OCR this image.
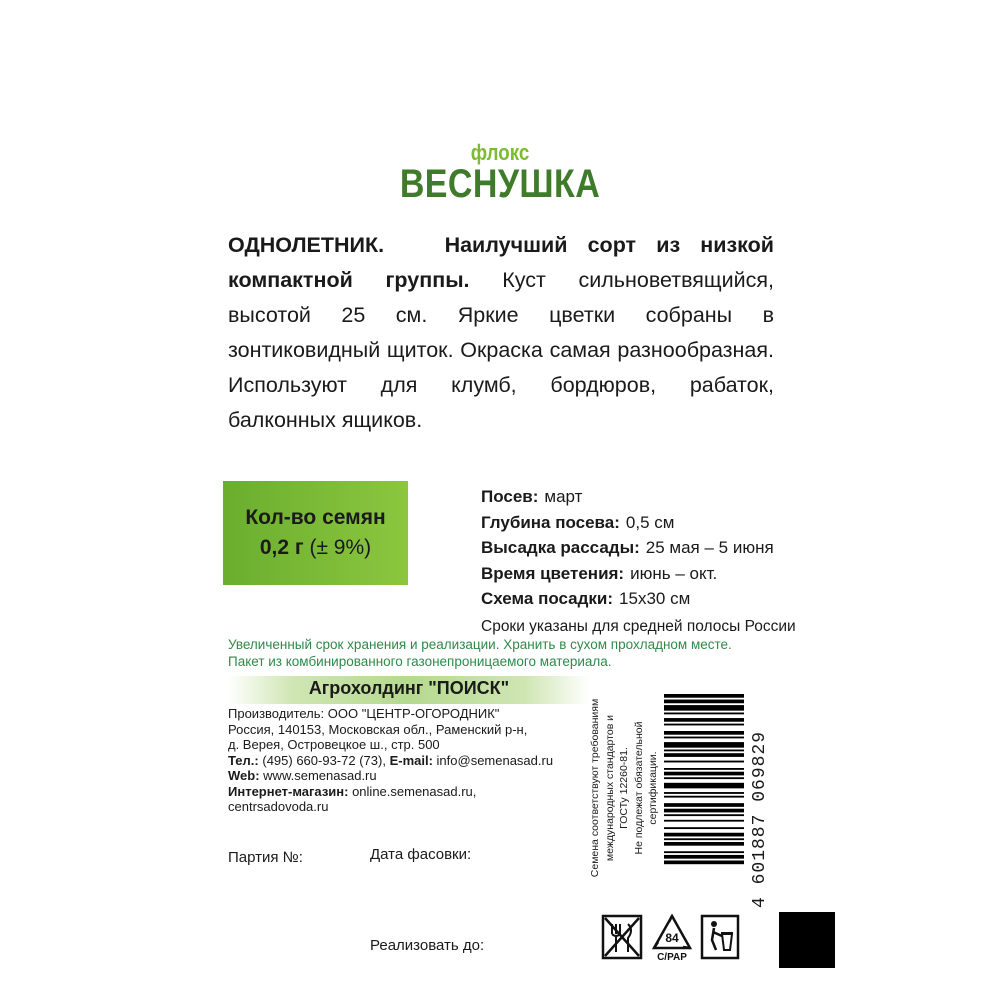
флокс
ВЕСНУШКА
ОДНОЛЕТНИК.	Наилучший сорт из низкой компактной группы. Куст сильноветвящийся, высотой 25 см. Яркие цветки собраны в зонтиковидный щиток. Окраска самая разнообразная. Используют для клумб, бордюров, рабаток, балконных ящиков.
Кол-во семян
0,2 г (± 9%)
Посев: март
Глубина посева: 0,5 см
Высадка рассады: 25 мая – 5 июня
Время цветения: июнь – окт.
Схема посадки: 15х30 см
Сроки указаны для средней полосы России
Увеличенный срок хранения и реализации. Хранить в сухом прохладном месте.
Пакет из комбинированного газонепроницаемого материала.
Агрохолдинг "ПОИСК"
Производитель: ООО "ЦЕНТР-ОГОРОДНИК"
Россия, 140153, Московская обл., Раменский р-н,
д. Верея, Островецкое ш., стр. 500
Тел.: (495) 660-93-72 (73), E-mail: info@semenasad.ru
Web: www.semenasad.ru
Интернет-магазин: online.semenasad.ru, centrsadovoda.ru
Партия №:	Дата фасовки:
Реализовать до:
Семена соответствуют требованиям международных стандартов и ГОСТу 12260-81. Не подлежат обязательной сертификации.	4 601887 069829
84
C/PAP
